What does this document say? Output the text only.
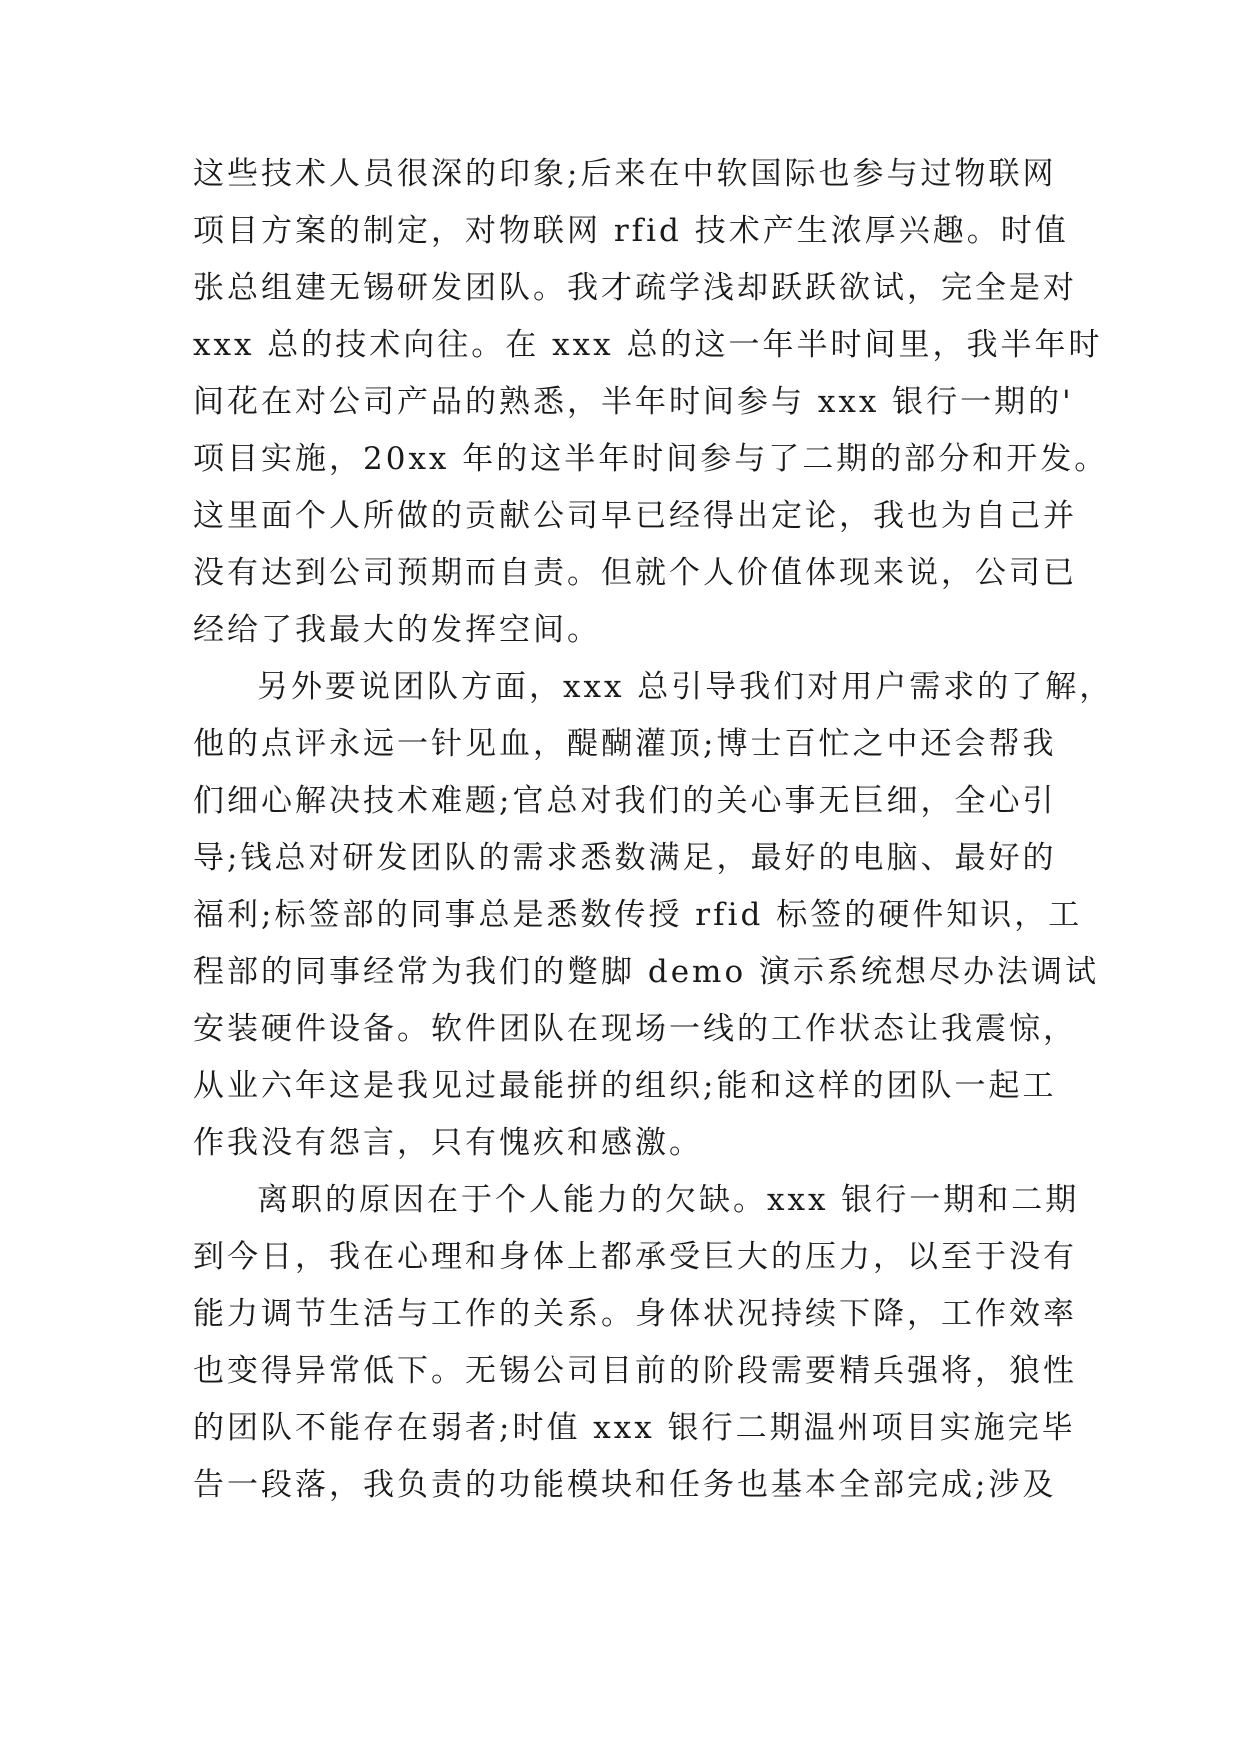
这些技术人员很深的印象;后来在中软国际也参与过物联网
项目方案的制定，对物联网 rfid 技术产生浓厚兴趣。时值
张总组建无锡研发团队。我才疏学浅却跃跃欲试，完全是对
xxx 总的技术向往。在 xxx 总的这一年半时间里，我半年时
间花在对公司产品的熟悉，半年时间参与 xxx 银行一期的'
项目实施，20xx 年的这半年时间参与了二期的部分和开发。
这里面个人所做的贡献公司早已经得出定论，我也为自己并
没有达到公司预期而自责。但就个人价值体现来说，公司已
经给了我最大的发挥空间。
另外要说团队方面，xxx 总引导我们对用户需求的了解，
他的点评永远一针见血，醍醐灌顶;博士百忙之中还会帮我
们细心解决技术难题;官总对我们的关心事无巨细，全心引
导;钱总对研发团队的需求悉数满足，最好的电脑、最好的
福利;标签部的同事总是悉数传授 rfid 标签的硬件知识，工
程部的同事经常为我们的蹩脚 demo 演示系统想尽办法调试
安装硬件设备。软件团队在现场一线的工作状态让我震惊，
从业六年这是我见过最能拼的组织;能和这样的团队一起工
作我没有怨言，只有愧疚和感激。
离职的原因在于个人能力的欠缺。xxx 银行一期和二期
到今日，我在心理和身体上都承受巨大的压力，以至于没有
能力调节生活与工作的关系。身体状况持续下降，工作效率
也变得异常低下。无锡公司目前的阶段需要精兵强将，狼性
的团队不能存在弱者;时值 xxx 银行二期温州项目实施完毕
告一段落，我负责的功能模块和任务也基本全部完成;涉及
